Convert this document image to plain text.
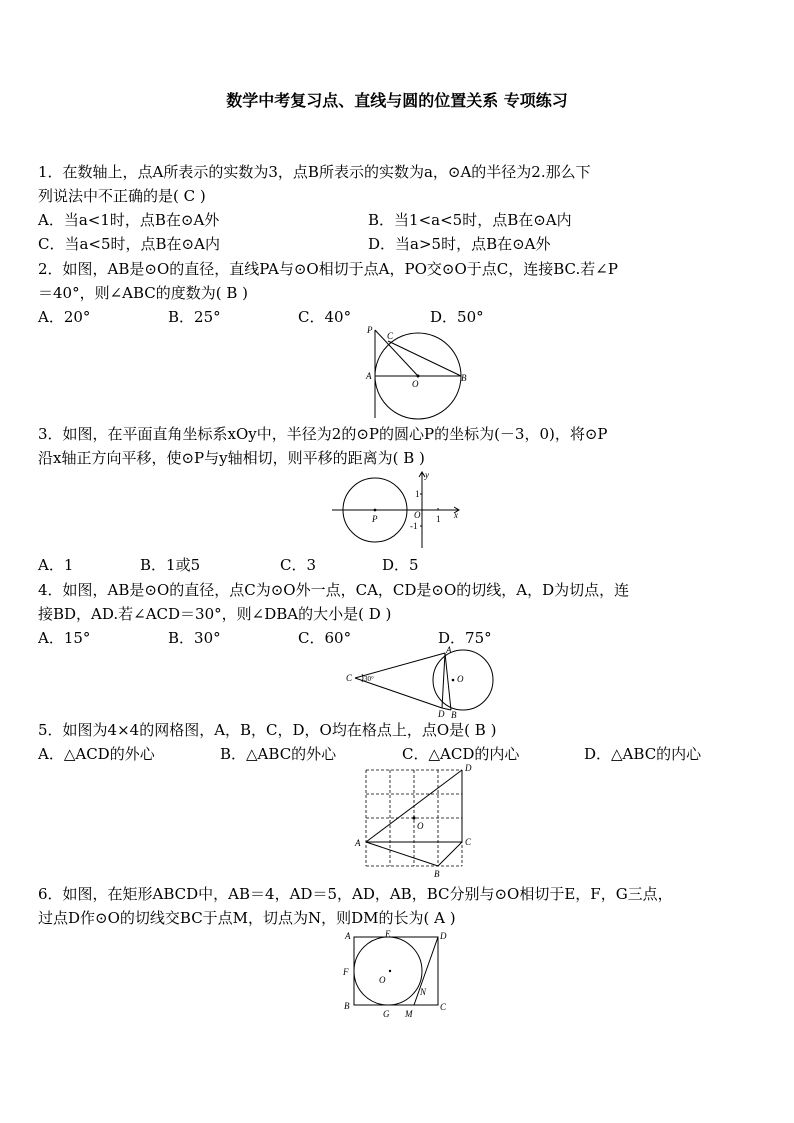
数学中考复习点、直线与圆的位置关系 专项练习
1．在数轴上，点A所表示的实数为3，点B所表示的实数为a，⊙A的半径为2.那么下
列说法中不正确的是( C )
A．当a<1时，点B在⊙A外	B．当1<a<5时，点B在⊙A内
C．当a<5时，点B在⊙A内	D．当a>5时，点B在⊙A外
2．如图，AB是⊙O的直径，直线PA与⊙O相切于点A，PO交⊙O于点C，连接BC.若∠P
＝40°，则∠ABC的度数为( B )
A．20°	B．25°	C．40°	D．50°
P
C
A
O
B
3．如图，在平面直角坐标系xOy中，半径为2的⊙P的圆心P的坐标为(－3，0)，将⊙P
沿x轴正方向平移，使⊙P与y轴相切，则平移的距离为( B )
y
x
O
P	1
1
-1
A．1	B．1或5	C．3	D．5
4．如图，AB是⊙O的直径，点C为⊙O外一点，CA，CD是⊙O的切线，A，D为切点，连
接BD，AD.若∠ACD＝30°，则∠DBA的大小是( D )
A．15°	B．30°	C．60°	D．75°
A
C 30°	O
D B
5．如图为4×4的网格图，A，B，C，D，O均在格点上，点O是( B )
A．△ACD的外心	B．△ABC的外心	C．△ACD的内心	D．△ABC的内心
D
O
A	C
B
6．如图，在矩形ABCD中，AB＝4，AD＝5，AD，AB，BC分别与⊙O相切于E，F，G三点，
过点D作⊙O的切线交BC于点M，切点为N，则DM的长为( A )
A	E	D
F
O
N
B
G M
C
